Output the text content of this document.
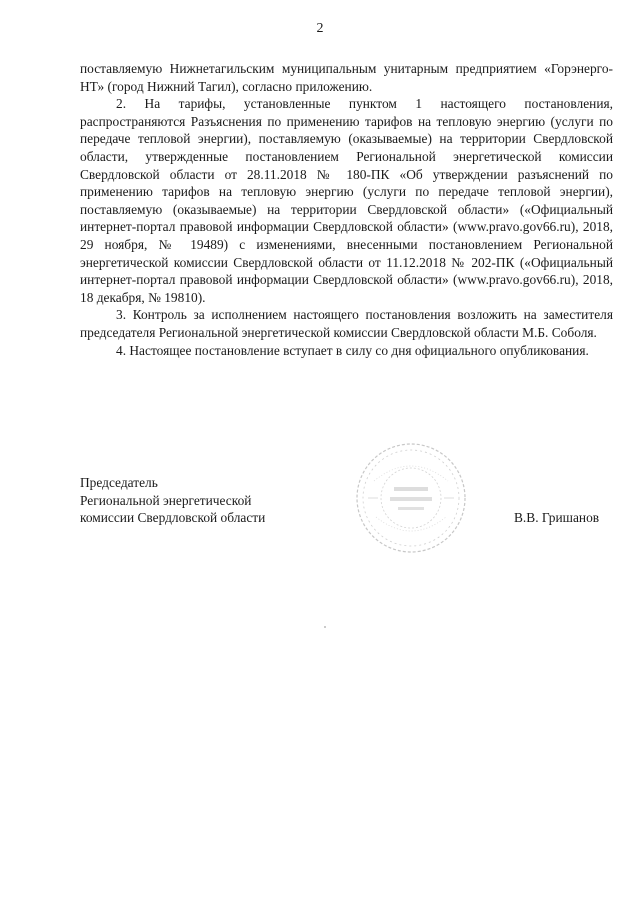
2

поставляемую Нижнетагильским муниципальным унитарным предприятием «Горэнерго-НТ» (город Нижний Тагил), согласно приложению.

2. На тарифы, установленные пунктом 1 настоящего постановления, распространяются Разъяснения по применению тарифов на тепловую энергию (услуги по передаче тепловой энергии), поставляемую (оказываемые) на территории Свердловской области, утвержденные постановлением Региональной энергетической комиссии Свердловской области от 28.11.2018 № 180-ПК «Об утверждении разъяснений по применению тарифов на тепловую энергию (услуги по передаче тепловой энергии), поставляемую (оказываемые) на территории Свердловской области» («Официальный интернет-портал правовой информации Свердловской области» (www.pravo.gov66.ru), 2018, 29 ноября, № 19489) с изменениями, внесенными постановлением Региональной энергетической комиссии Свердловской области от 11.12.2018 № 202-ПК («Официальный интернет-портал правовой информации Свердловской области» (www.pravo.gov66.ru), 2018, 18 декабря, № 19810).

3. Контроль за исполнением настоящего постановления возложить на заместителя председателя Региональной энергетической комиссии Свердловской области М.Б. Соболя.

4. Настоящее постановление вступает в силу со дня официального опубликования.

Председатель
Региональной энергетической
комиссии Свердловской области	В.В. Гришанов
